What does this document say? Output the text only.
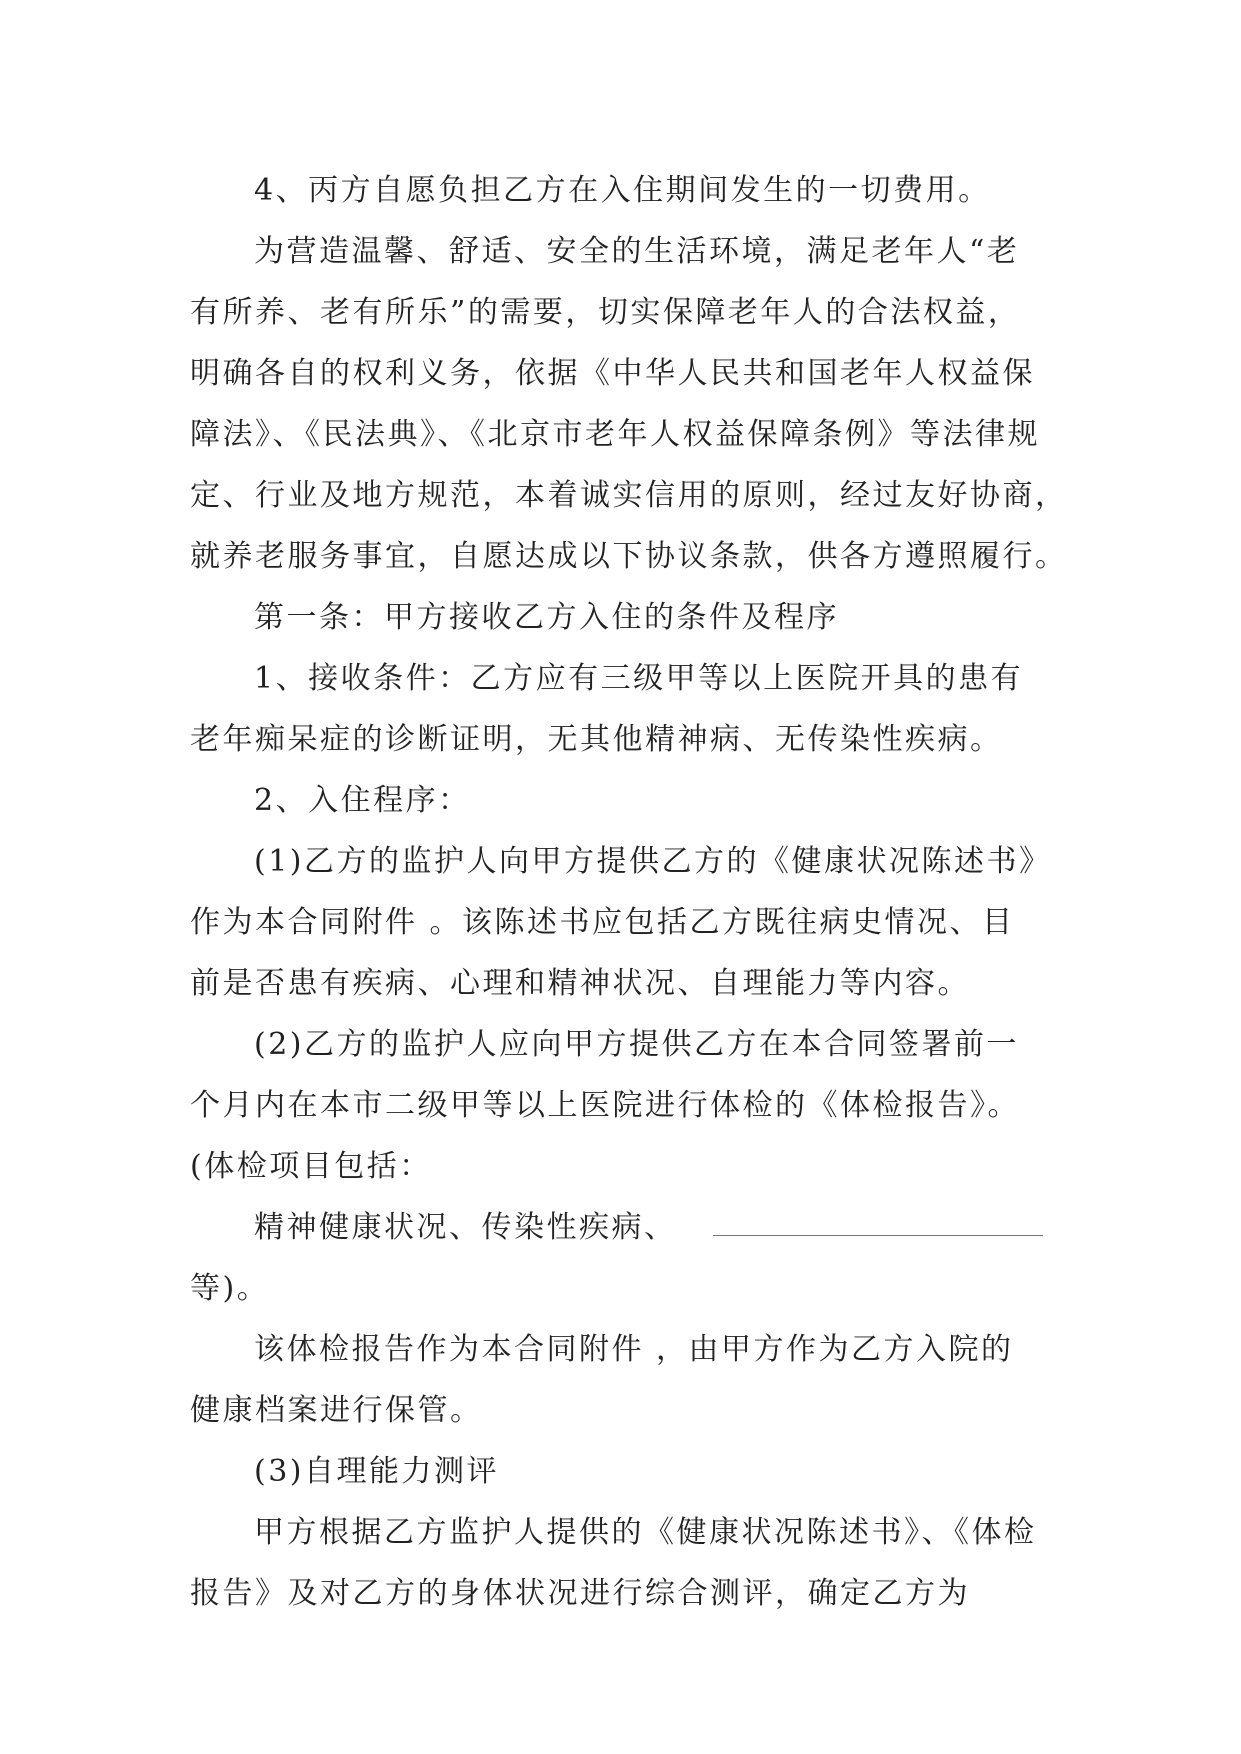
4、丙方自愿负担乙方在入住期间发生的一切费用。
为营造温馨、舒适、安全的生活环境，满足老年人“老
有所养、老有所乐”的需要，切实保障老年人的合法权益，
明确各自的权利义务，依据《中华人民共和国老年人权益保
障法》、《民法典》、《北京市老年人权益保障条例》等法律规
定、行业及地方规范，本着诚实信用的原则，经过友好协商，
就养老服务事宜，自愿达成以下协议条款，供各方遵照履行。
第一条：甲方接收乙方入住的条件及程序
1、接收条件：乙方应有三级甲等以上医院开具的患有
老年痴呆症的诊断证明，无其他精神病、无传染性疾病。
2、入住程序：
(1)乙方的监护人向甲方提供乙方的《健康状况陈述书》
作为本合同附件 。该陈述书应包括乙方既往病史情况、目
前是否患有疾病、心理和精神状况、自理能力等内容。
(2)乙方的监护人应向甲方提供乙方在本合同签署前一
个月内在本市二级甲等以上医院进行体检的《体检报告》。
(体检项目包括：
精神健康状况、传染性疾病、
等)。
该体检报告作为本合同附件 ，由甲方作为乙方入院的
健康档案进行保管。
(3)自理能力测评
甲方根据乙方监护人提供的《健康状况陈述书》、《体检
报告》及对乙方的身体状况进行综合测评，确定乙方为
